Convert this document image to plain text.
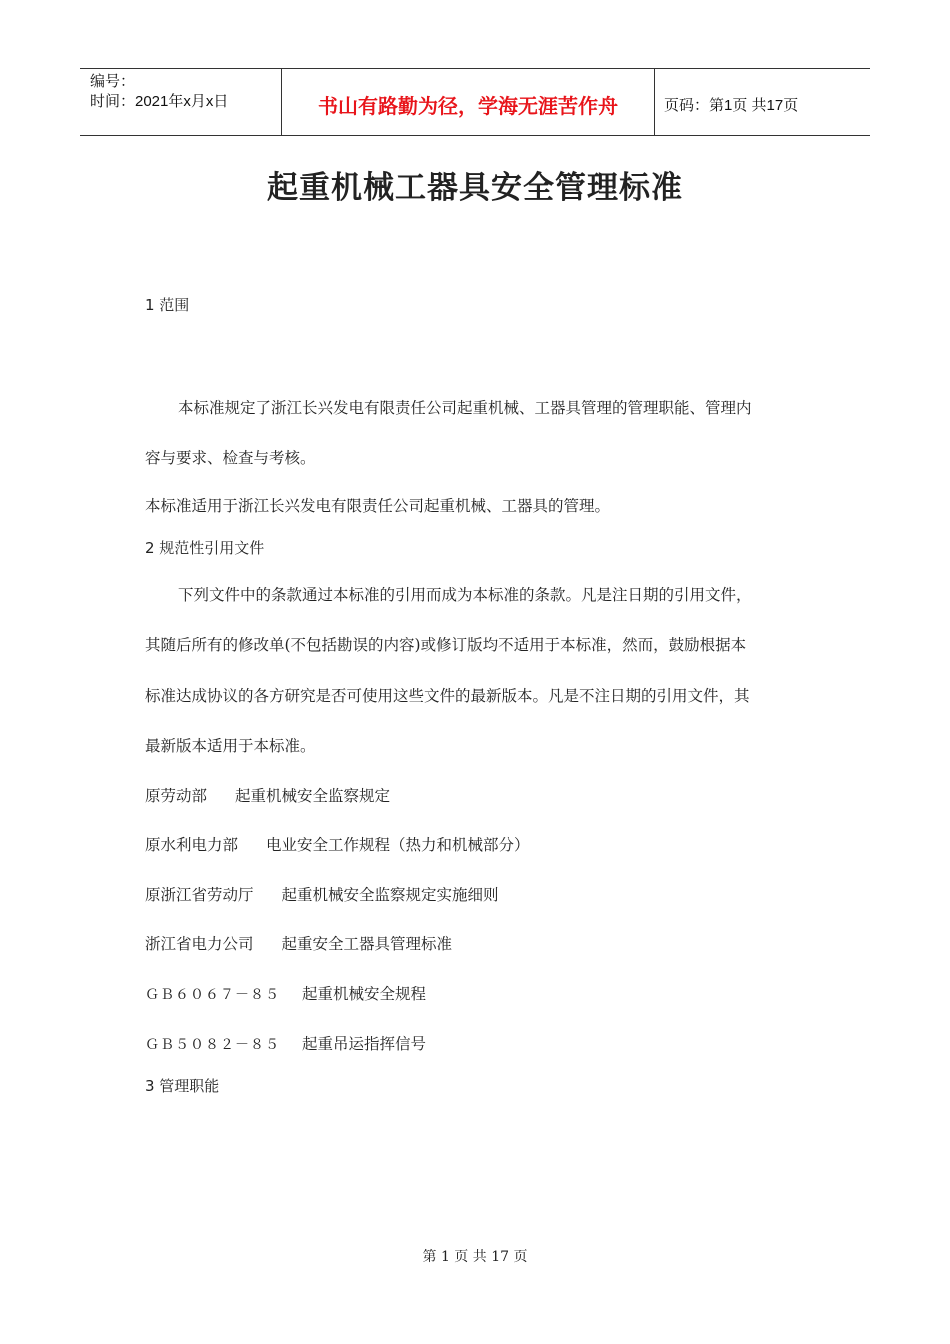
编号：
时间：2021年x月x日	书山有路勤为径，学海无涯苦作舟	页码：第1页 共17页
起重机械工器具安全管理标准
1 范围
本标准规定了浙江长兴发电有限责任公司起重机械、工器具管理的管理职能、管理内
容与要求、检查与考核。
本标准适用于浙江长兴发电有限责任公司起重机械、工器具的管理。
2 规范性引用文件
下列文件中的条款通过本标准的引用而成为本标准的条款。凡是注日期的引用文件，
其随后所有的修改单(不包括勘误的内容)或修订版均不适用于本标准，然而，鼓励根据本
标准达成协议的各方研究是否可使用这些文件的最新版本。凡是不注日期的引用文件，其
最新版本适用于本标准。
原劳动部 起重机械安全监察规定
原水利电力部 电业安全工作规程（热力和机械部分）
原浙江省劳动厅 起重机械安全监察规定实施细则
浙江省电力公司 起重安全工器具管理标准
ＧＢ６０６７－８５ 起重机械安全规程
ＧＢ５０８２－８５ 起重吊运指挥信号
3 管理职能
第 1 页 共 17 页
